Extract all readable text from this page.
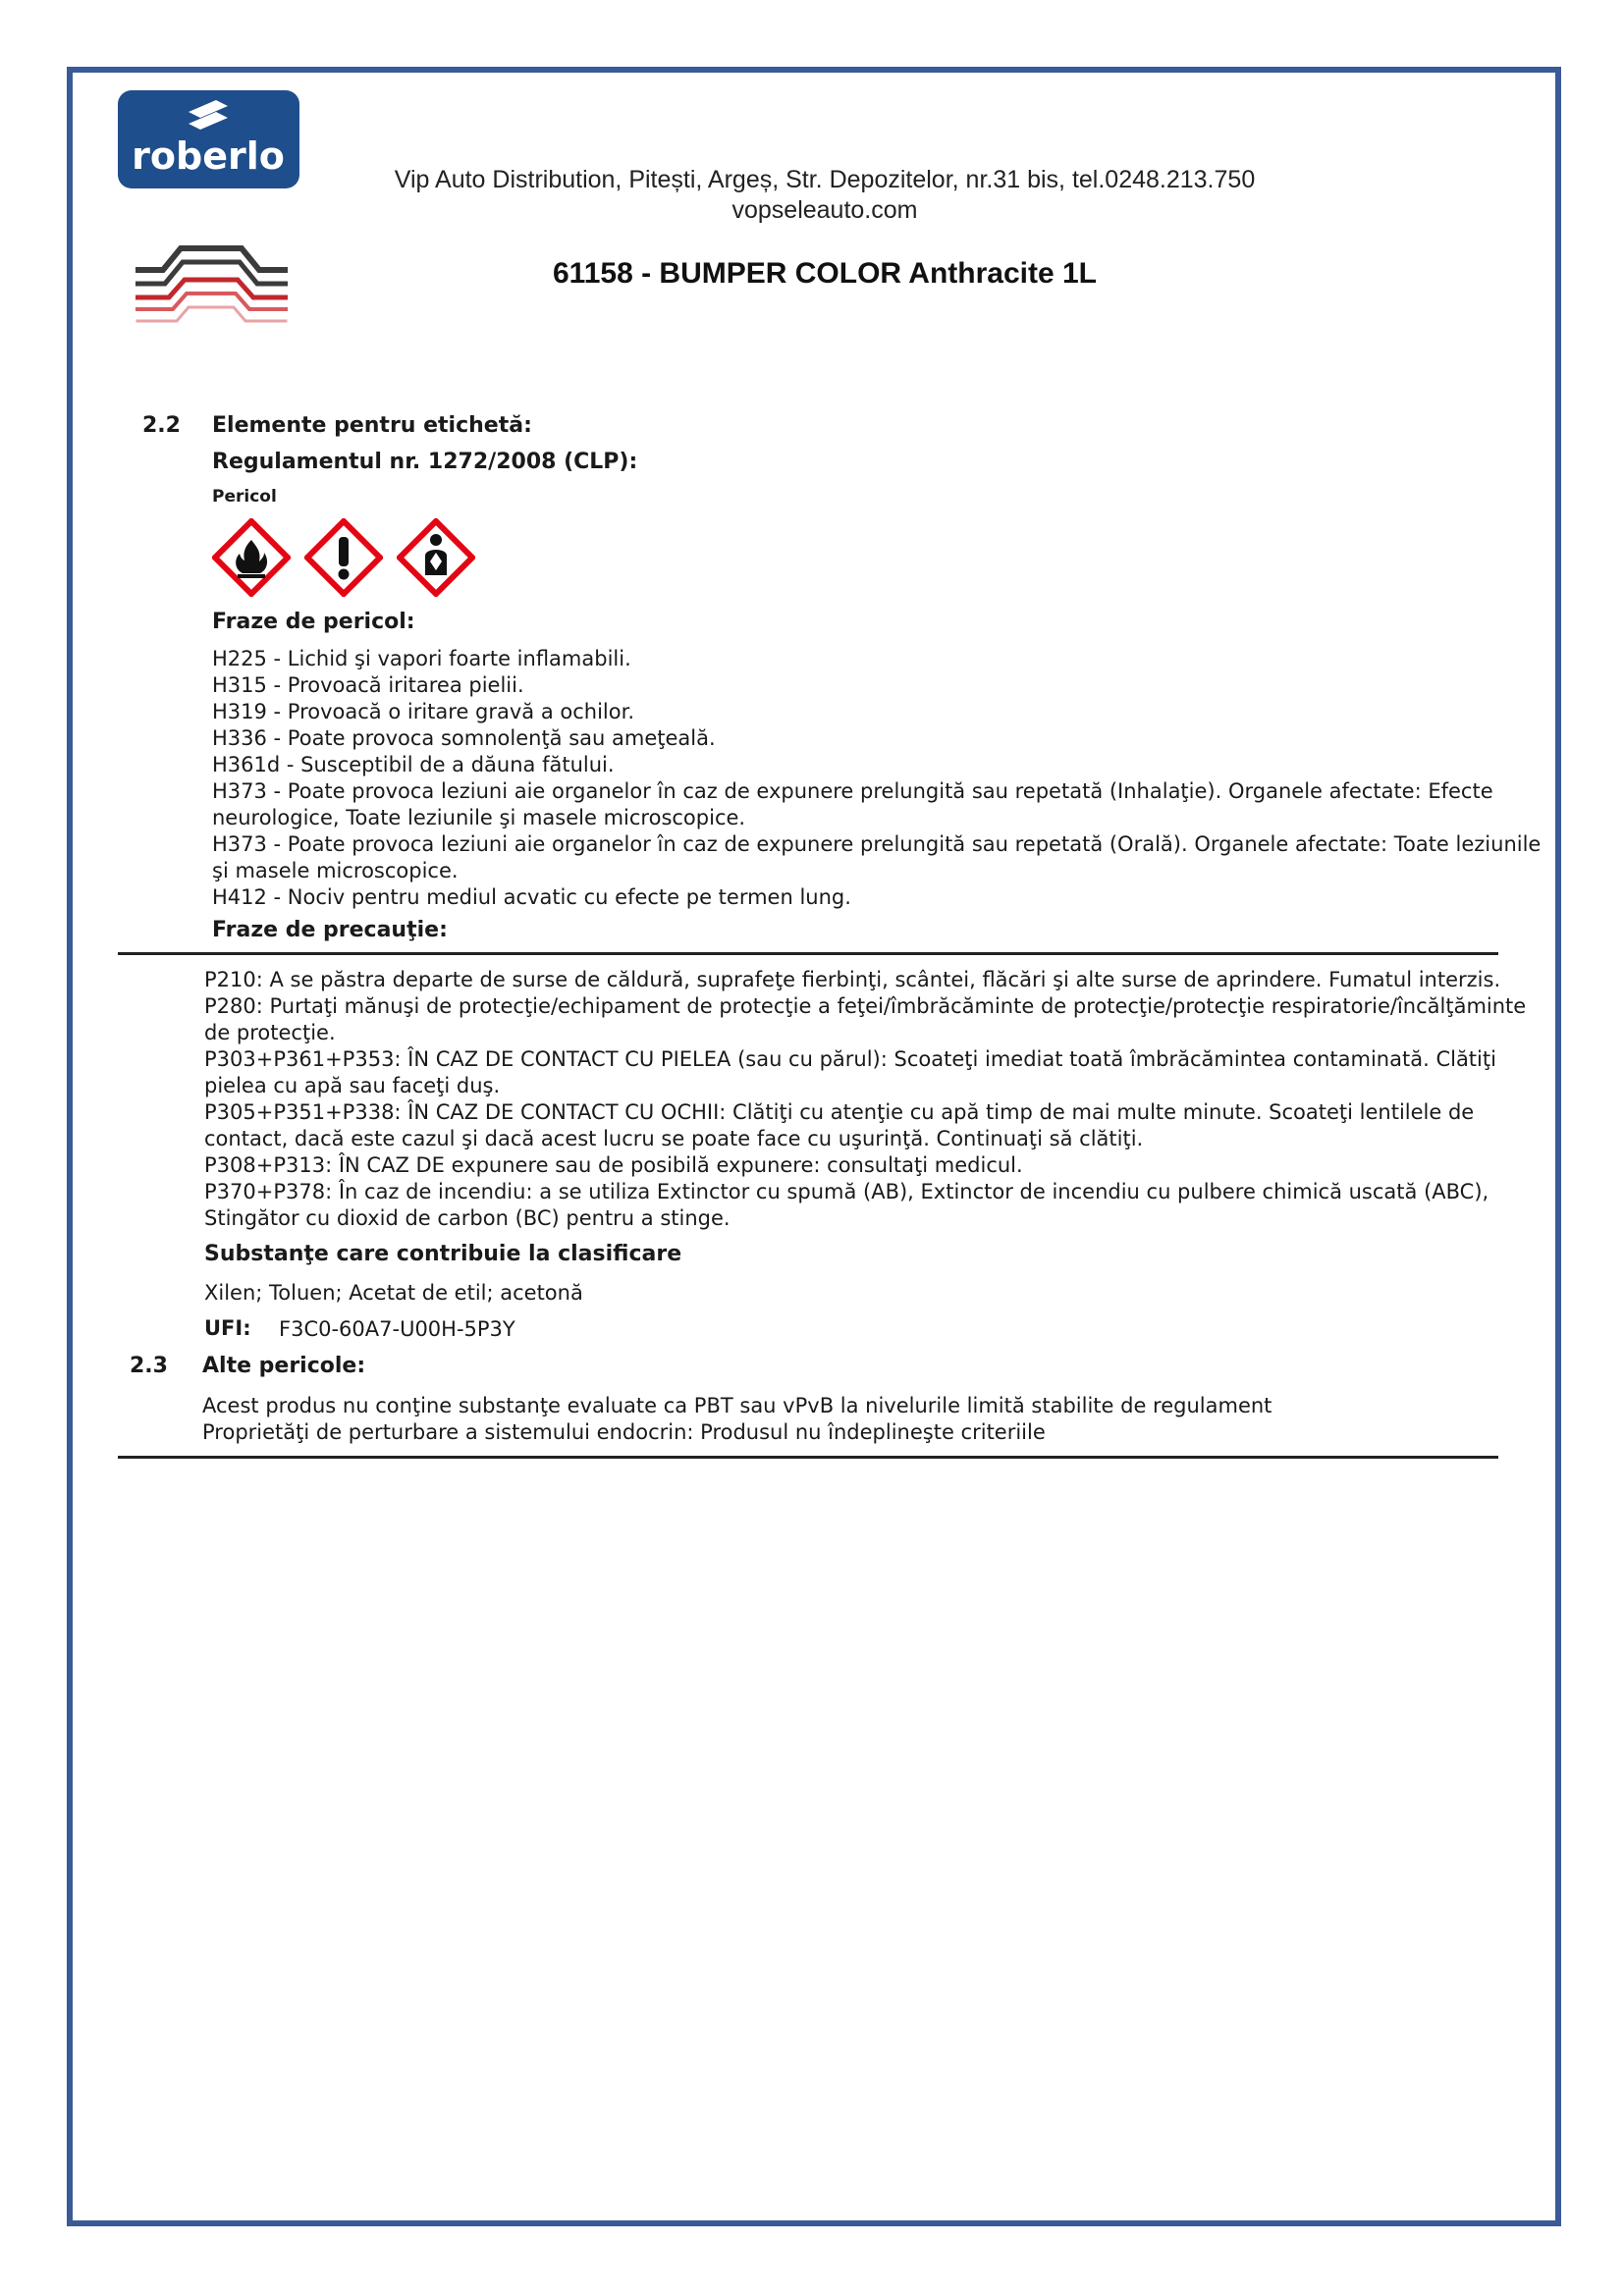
roberlo
Vip Auto Distribution, Pitești, Argeș, Str. Depozitelor, nr.31 bis, tel.0248.213.750
vopseleauto.com
61158 - BUMPER COLOR Anthracite 1L
2.2 Elemente pentru etichetă:
Regulamentul nr. 1272/2008 (CLP):
Pericol
Fraze de pericol:
H225 - Lichid şi vapori foarte inflamabili.
H315 - Provoacă iritarea pielii.
H319 - Provoacă o iritare gravă a ochilor.
H336 - Poate provoca somnolenţă sau ameţeală.
H361d - Susceptibil de a dăuna fătului.
H373 - Poate provoca leziuni aie organelor în caz de expunere prelungită sau repetată (Inhalaţie). Organele afectate: Efecte
neurologice, Toate leziunile şi masele microscopice.
H373 - Poate provoca leziuni aie organelor în caz de expunere prelungită sau repetată (Orală). Organele afectate: Toate leziunile
şi masele microscopice.
H412 - Nociv pentru mediul acvatic cu efecte pe termen lung.
Fraze de precauţie:
P210: A se păstra departe de surse de căldură, suprafeţe fierbinţi, scântei, flăcări şi alte surse de aprindere. Fumatul interzis.
P280: Purtaţi mănuşi de protecţie/echipament de protecţie a feţei/îmbrăcăminte de protecţie/protecţie respiratorie/încălţăminte
de protecţie.
P303+P361+P353: ÎN CAZ DE CONTACT CU PIELEA (sau cu părul): Scoateţi imediat toată îmbrăcămintea contaminată. Clătiţi
pielea cu apă sau faceţi duş.
P305+P351+P338: ÎN CAZ DE CONTACT CU OCHII: Clătiţi cu atenţie cu apă timp de mai multe minute. Scoateţi lentilele de
contact, dacă este cazul şi dacă acest lucru se poate face cu uşurinţă. Continuaţi să clătiţi.
P308+P313: ÎN CAZ DE expunere sau de posibilă expunere: consultaţi medicul.
P370+P378: În caz de incendiu: a se utiliza Extinctor cu spumă (AB), Extinctor de incendiu cu pulbere chimică uscată (ABC),
Stingător cu dioxid de carbon (BC) pentru a stinge.
Substanţe care contribuie la clasificare
Xilen; Toluen; Acetat de etil; acetonă
UFI: F3C0-60A7-U00H-5P3Y
2.3 Alte pericole:
Acest produs nu conţine substanţe evaluate ca PBT sau vPvB la nivelurile limită stabilite de regulament
Proprietăţi de perturbare a sistemului endocrin: Produsul nu îndeplineşte criteriile
